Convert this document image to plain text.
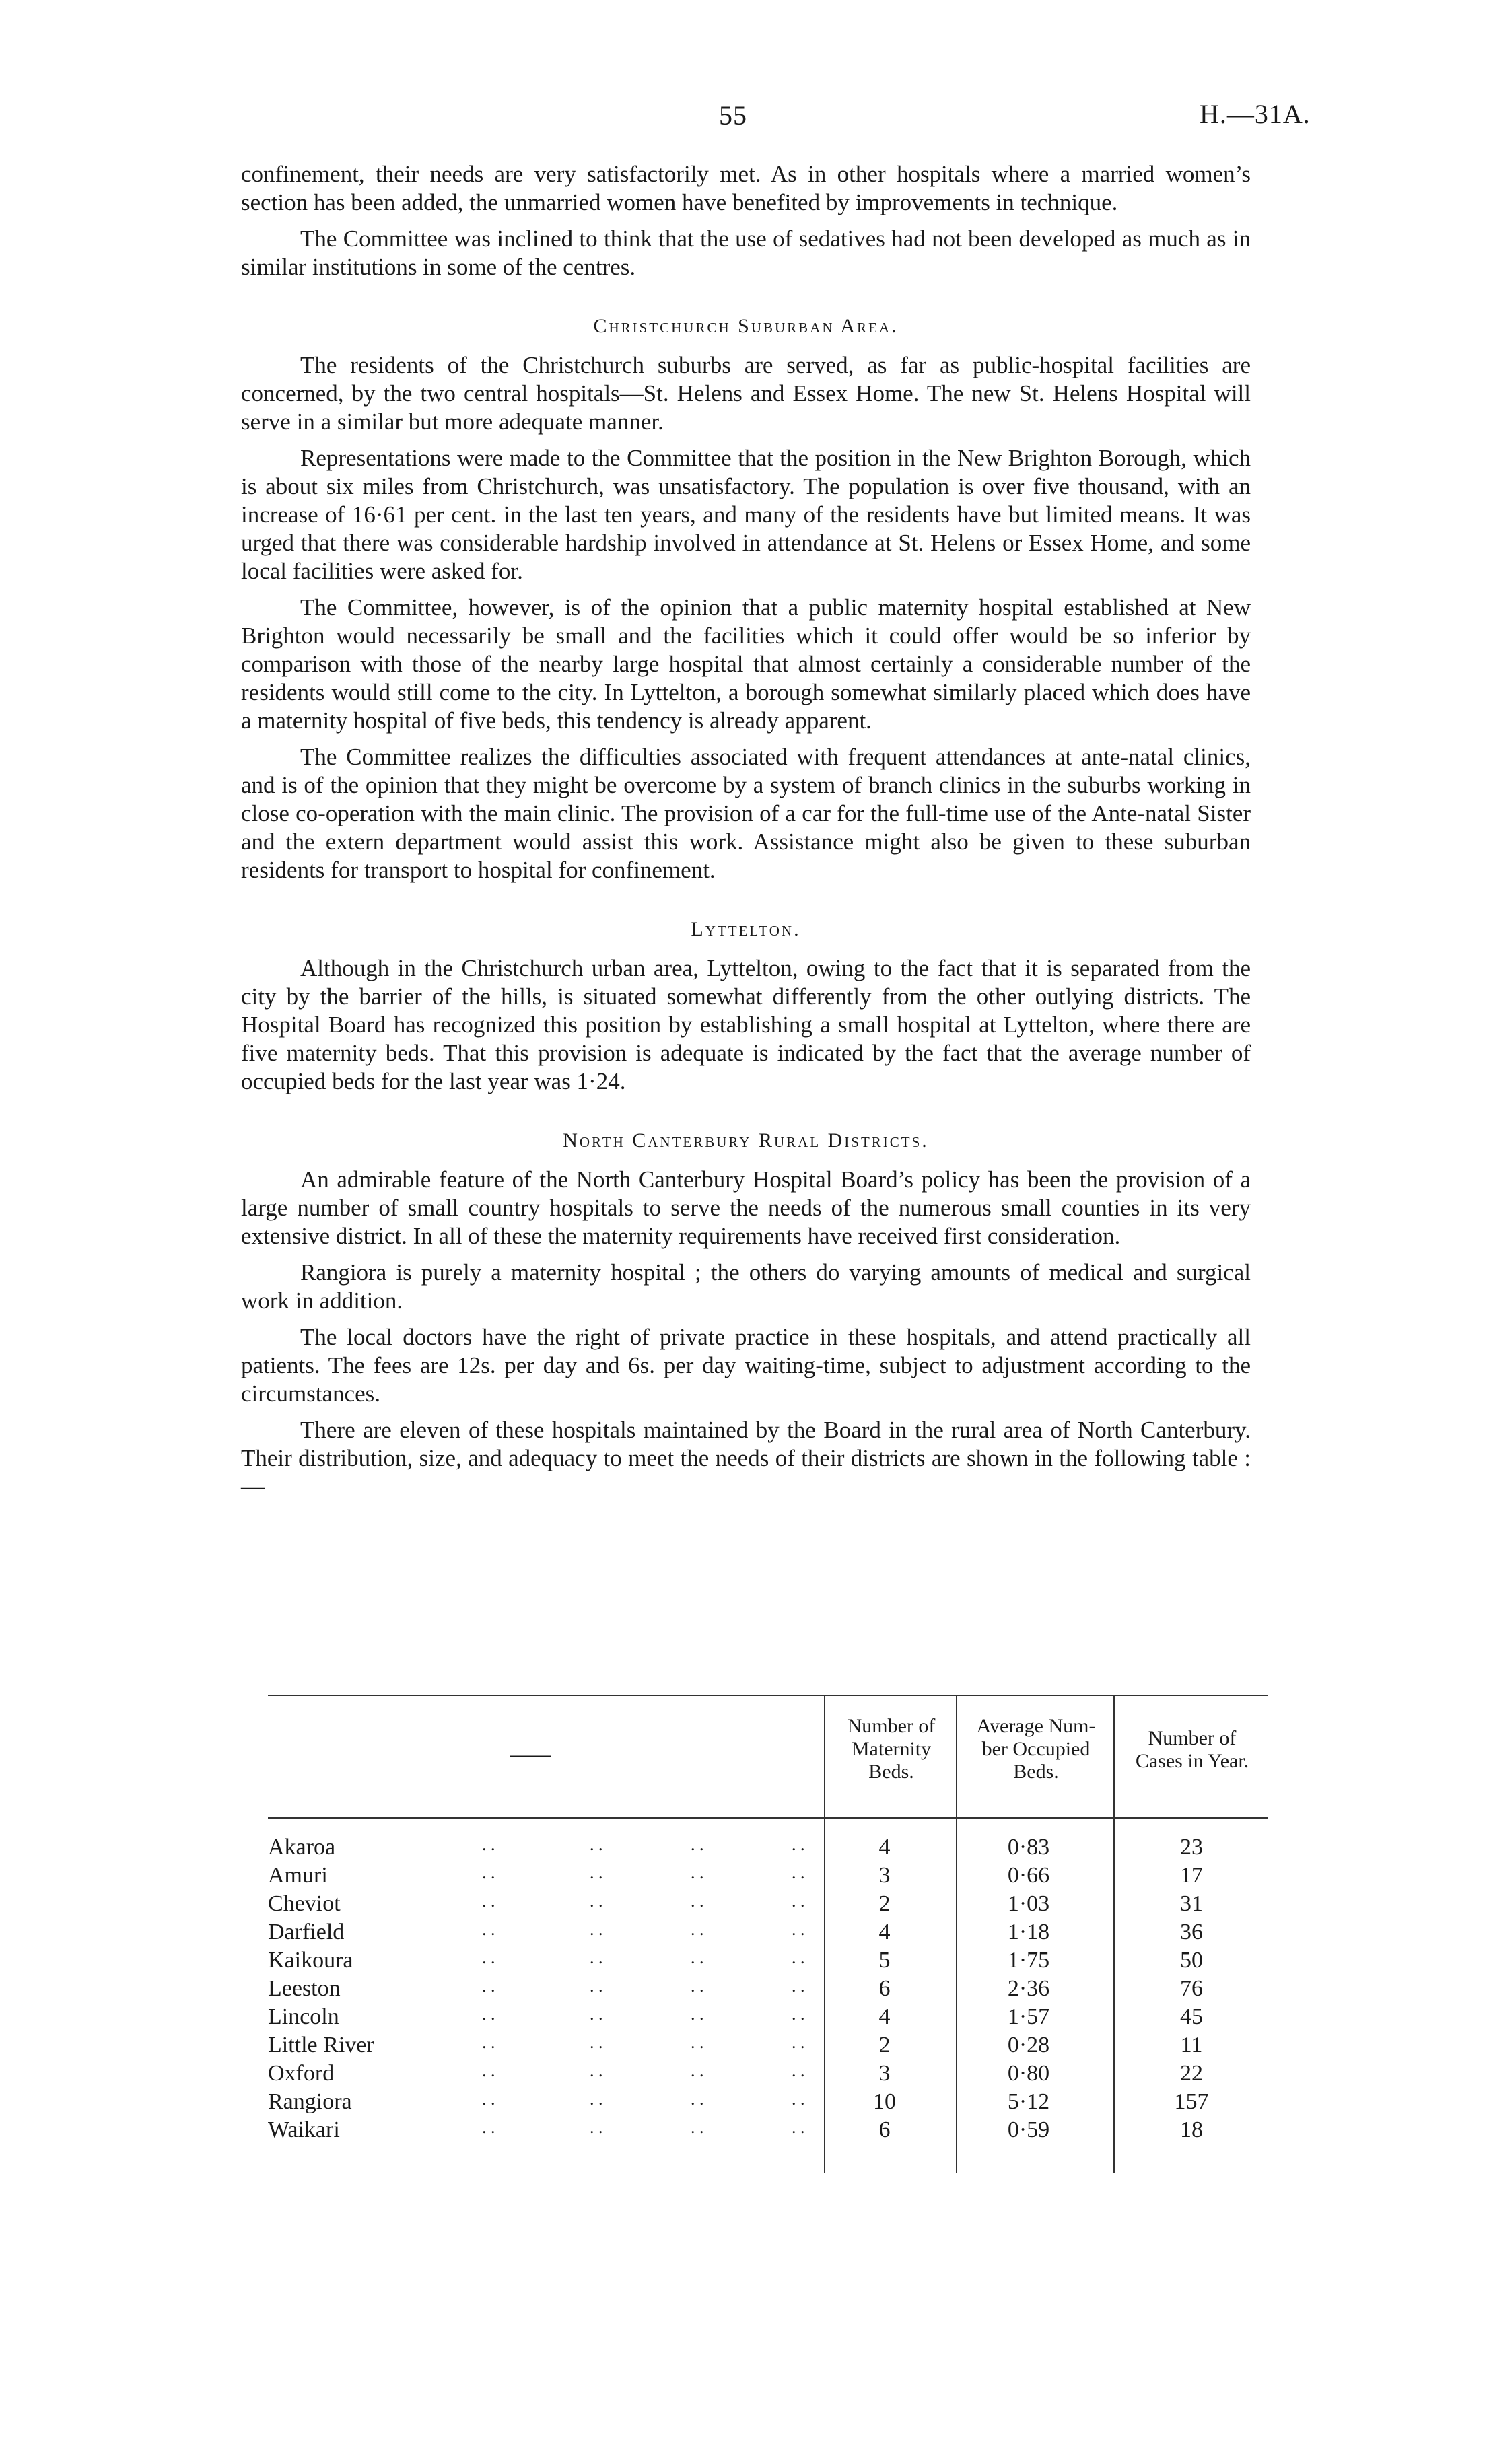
55	H.—31A.

confinement, their needs are very satisfactorily met. As in other hospitals where a married women’s section has been added, the unmarried women have benefited by improvements in technique.

The Committee was inclined to think that the use of sedatives had not been developed as much as in similar institutions in some of the centres.

Christchurch Suburban Area.

The residents of the Christchurch suburbs are served, as far as public-hospital facilities are concerned, by the two central hospitals—St. Helens and Essex Home. The new St. Helens Hospital will serve in a similar but more adequate manner.

Representations were made to the Committee that the position in the New Brighton Borough, which is about six miles from Christchurch, was unsatisfactory. The population is over five thousand, with an increase of 16·61 per cent. in the last ten years, and many of the residents have but limited means. It was urged that there was considerable hardship involved in attendance at St. Helens or Essex Home, and some local facilities were asked for.

The Committee, however, is of the opinion that a public maternity hospital established at New Brighton would necessarily be small and the facilities which it could offer would be so inferior by comparison with those of the nearby large hospital that almost certainly a considerable number of the residents would still come to the city. In Lyttelton, a borough somewhat similarly placed which does have a maternity hospital of five beds, this tendency is already apparent.

The Committee realizes the difficulties associated with frequent attendances at ante-natal clinics, and is of the opinion that they might be overcome by a system of branch clinics in the suburbs working in close co-operation with the main clinic. The provision of a car for the full-time use of the Ante-natal Sister and the extern department would assist this work. Assistance might also be given to these suburban residents for transport to hospital for confinement.

Lyttelton.

Although in the Christchurch urban area, Lyttelton, owing to the fact that it is separated from the city by the barrier of the hills, is situated somewhat differently from the other outlying districts. The Hospital Board has recognized this position by establishing a small hospital at Lyttelton, where there are five maternity beds. That this provision is adequate is indicated by the fact that the average number of occupied beds for the last year was 1·24.

North Canterbury Rural Districts.

An admirable feature of the North Canterbury Hospital Board’s policy has been the provision of a large number of small country hospitals to serve the needs of the numerous small counties in its very extensive district. In all of these the maternity requirements have received first consideration.

Rangiora is purely a maternity hospital ; the others do varying amounts of medical and surgical work in addition.

The local doctors have the right of private practice in these hospitals, and attend practically all patients. The fees are 12s. per day and 6s. per day waiting-time, subject to adjustment according to the circumstances.

There are eleven of these hospitals maintained by the Board in the rural area of North Canterbury. Their distribution, size, and adequacy to meet the needs of their districts are shown in the following table :—

——
Number of
Maternity
Beds.
Average Num-
ber Occupied
Beds.
Number of
Cases in Year.
Akaroa	. .	. .	. .	. .	4	0·83	23
Amuri	. .	. .	. .	. .	3	0·66	17
Cheviot	. .	. .	. .	. .	2	1·03	31
Darfield	. .	. .	. .	. .	4	1·18	36
Kaikoura	. .	. .	. .	. .	5	1·75	50
Leeston	. .	. .	. .	. .	6	2·36	76
Lincoln	. .	. .	. .	. .	4	1·57	45
Little River	. .	. .	. .	. .	2	0·28	11
Oxford	. .	. .	. .	. .	3	0·80	22
Rangiora	. .	. .	. .	. .	10	5·12	157
Waikari	. .	. .	. .	. .	6	0·59	18
